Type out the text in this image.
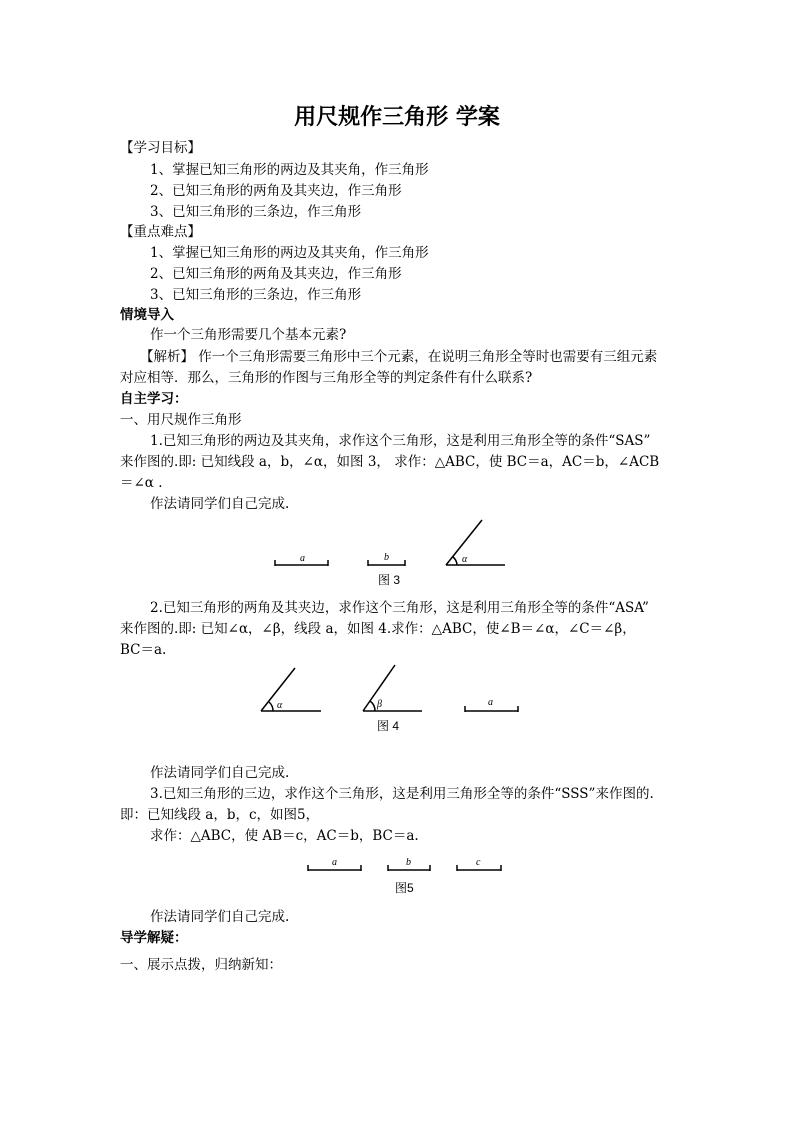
用尺规作三角形 学案
【学习目标】
1、掌握已知三角形的两边及其夹角，作三角形
2、已知三角形的两角及其夹边，作三角形
3、已知三角形的三条边，作三角形
【重点难点】
1、掌握已知三角形的两边及其夹角，作三角形
2、已知三角形的两角及其夹边，作三角形
3、已知三角形的三条边，作三角形
情境导入
作一个三角形需要几个基本元素?
【解析】 作一个三角形需要三角形中三个元素，在说明三角形全等时也需要有三组元素
对应相等．那么，三角形的作图与三角形全等的判定条件有什么联系?
自主学习：
一、用尺规作三角形
1.已知三角形的两边及其夹角，求作这个三角形，这是利用三角形全等的条件“SAS”
来作图的.即: 已知线段 a，b，∠α，如图 3， 求作：△ABC，使 BC＝a，AC＝b，∠ACB
＝∠α .
作法请同学们自己完成.
a	b	α
图 3
2.已知三角形的两角及其夹边，求作这个三角形，这是利用三角形全等的条件“ASA”
来作图的.即: 已知∠α，∠β，线段 a，如图 4.求作：△ABC，使∠B＝∠α，∠C＝∠β，
BC＝a.
α	β	a
图 4
作法请同学们自己完成.
3.已知三角形的三边，求作这个三角形，这是利用三角形全等的条件“SSS”来作图的.
即：已知线段 a，b，c，如图5，
求作：△ABC，使 AB＝c，AC＝b，BC＝a.
a	b	c
图5
作法请同学们自己完成.
导学解疑：
一、展示点拨，归纳新知：
